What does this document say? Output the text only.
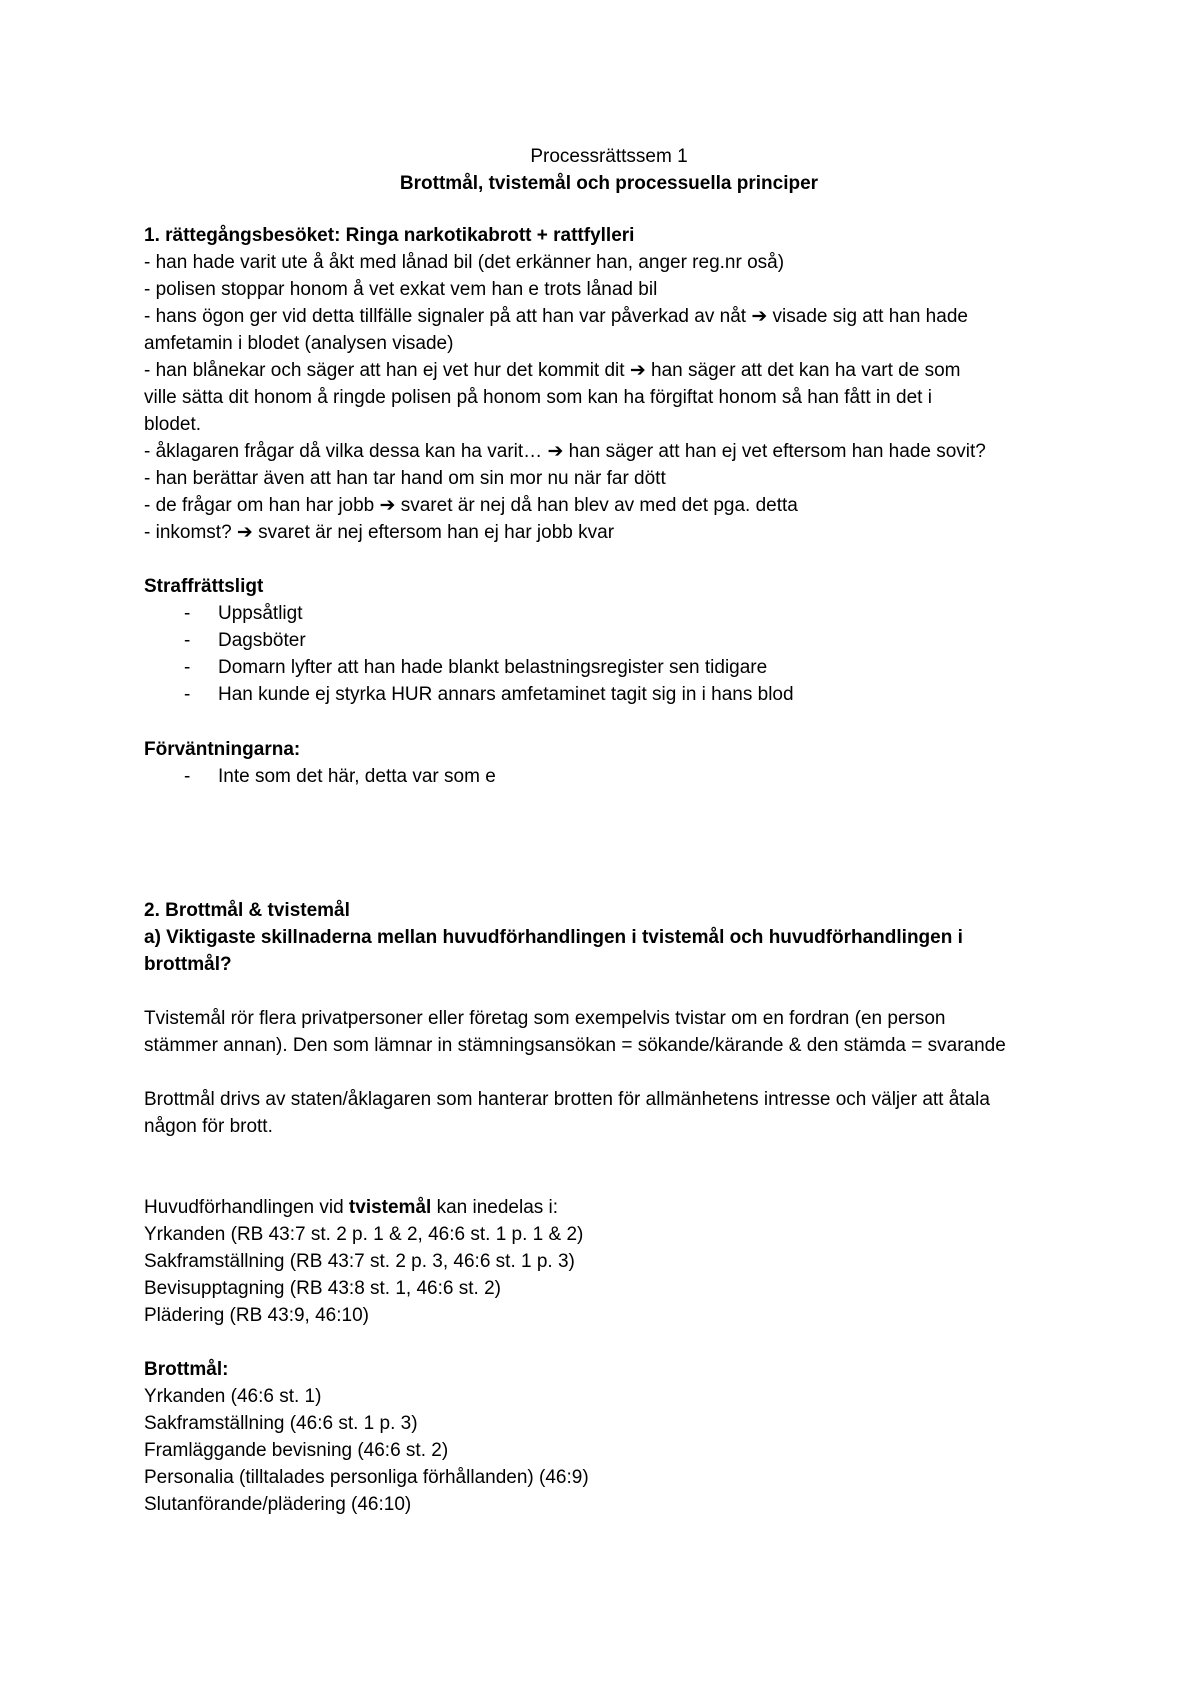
Processrättssem 1
Brottmål, tvistemål och processuella principer
1. rättegångsbesöket: Ringa narkotikabrott + rattfylleri
- han hade varit ute å åkt med lånad bil (det erkänner han, anger reg.nr oså)
- polisen stoppar honom å vet exkat vem han e trots lånad bil
- hans ögon ger vid detta tillfälle signaler på att han var påverkad av nåt ➔ visade sig att han hade
amfetamin i blodet (analysen visade)
- han blånekar och säger att han ej vet hur det kommit dit ➔ han säger att det kan ha vart de som
ville sätta dit honom å ringde polisen på honom som kan ha förgiftat honom så han fått in det i
blodet.
- åklagaren frågar då vilka dessa kan ha varit… ➔ han säger att han ej vet eftersom han hade sovit?
- han berättar även att han tar hand om sin mor nu när far dött
- de frågar om han har jobb ➔ svaret är nej då han blev av med det pga. detta
- inkomst? ➔ svaret är nej eftersom han ej har jobb kvar
Straffrättsligt
- Uppsåtligt
- Dagsböter
- Domarn lyfter att han hade blankt belastningsregister sen tidigare
- Han kunde ej styrka HUR annars amfetaminet tagit sig in i hans blod
Förväntningarna:
- Inte som det här, detta var som e
2. Brottmål & tvistemål
a) Viktigaste skillnaderna mellan huvudförhandlingen i tvistemål och huvudförhandlingen i
brottmål?
Tvistemål rör flera privatpersoner eller företag som exempelvis tvistar om en fordran (en person
stämmer annan). Den som lämnar in stämningsansökan = sökande/kärande & den stämda = svarande
Brottmål drivs av staten/åklagaren som hanterar brotten för allmänhetens intresse och väljer att åtala
någon för brott.
Huvudförhandlingen vid tvistemål kan inedelas i:
Yrkanden (RB 43:7 st. 2 p. 1 & 2, 46:6 st. 1 p. 1 & 2)
Sakframställning (RB 43:7 st. 2 p. 3, 46:6 st. 1 p. 3)
Bevisupptagning (RB 43:8 st. 1, 46:6 st. 2)
Plädering (RB 43:9, 46:10)
Brottmål:
Yrkanden (46:6 st. 1)
Sakframställning (46:6 st. 1 p. 3)
Framläggande bevisning (46:6 st. 2)
Personalia (tilltalades personliga förhållanden) (46:9)
Slutanförande/plädering (46:10)
